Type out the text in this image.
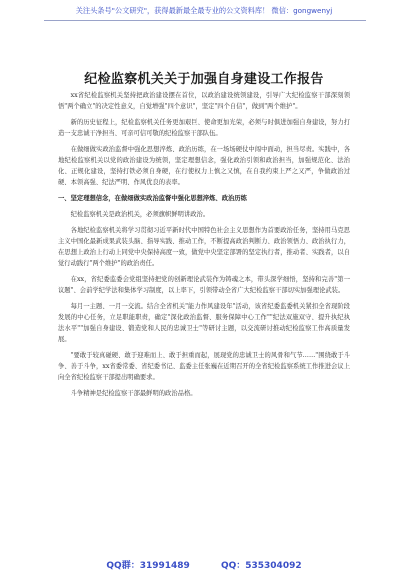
关注头条号"公文研究"，获得最新最全最专业的公文资料库！ 微信：gongwenyj
纪检监察机关关于加强自身建设工作报告

xx省纪检监察机关坚持把政治建设摆在首位，以政治建设统领建设，引导广大纪检监察干部深刻领悟"两个确立"的决定性意义，自觉增强"四个意识"，坚定"四个自信"，做到"两个维护"。

新的历史征程上，纪检监察机关任务更加艰巨、使命更加光荣，必须与时俱进加强自身建设，努力打造一支忠诚干净担当、可亲可信可敬的纪检监察干部队伍。

在做细做实政治监督中强化思想淬炼、政治历练，在一场场硬仗中闯中面动，担当尽责。实践中，各地纪检监察机关以党的政治建设为统领，坚定理想信念，强化政治引领和政治担当，加强规范化、法治化、正规化建设，坚持打铁必须自身硬，在行使权力上慎之又慎，在自我约束上严之又严，争做政治过硬、本领高强、纪法严明、作风优良的表率。

一、坚定理想信念，在做细做实政治监督中强化思想淬炼、政治历练

纪检监察机关是政治机关，必须旗帜鲜明讲政治。

各地纪检监察机关将学习贯彻习近平新时代中国特色社会主义思想作为首要政治任务，坚持用马克思主义中国化最新成果武装头脑、指导实践、推动工作，不断提高政治判断力、政治领悟力、政治执行力，在思想上政治上行动上同党中央保持高度一致，做党中央坚定部署的坚定执行者，推动者、实践者，以自觉行动践行"两个维护"的政治责任。

在xx，省纪委监委会党组坚持把党的创新理论武装作为铸魂之本，带头深学细悟，坚持和完善"第一议题"、会前学纪学法和集体学习制度，以上率下，引领带动全省广大纪检监察干部切实加强理论武装。

每月一主题、一月一交流。结合全省机关"能力作风建设年"活动，该省纪委监委机关紧扣全省现阶段发展的中心任务，立足职能职责，确定"深化政治监督、服务保障中心工作""纪法双施双守、提升执纪执法水平""加强自身建设、锻造党和人民的忠诚卫士"等研讨主题，以交流研讨推动纪检监察工作高质量发展。

"要敢于较真碰硬、敢于迎难而上、敢于担重而起，展现党的忠诚卫士的风骨和气节……"围绕敢于斗争、善于斗争，xx省委常委、省纪委书记、监委主任张巍在近期召开的全省纪检监察系统工作推进会议上向全省纪检监察干部提出明确要求。

斗争精神是纪检监察干部最鲜明的政治品格。

QQ群：31991489	QQ：535304092
